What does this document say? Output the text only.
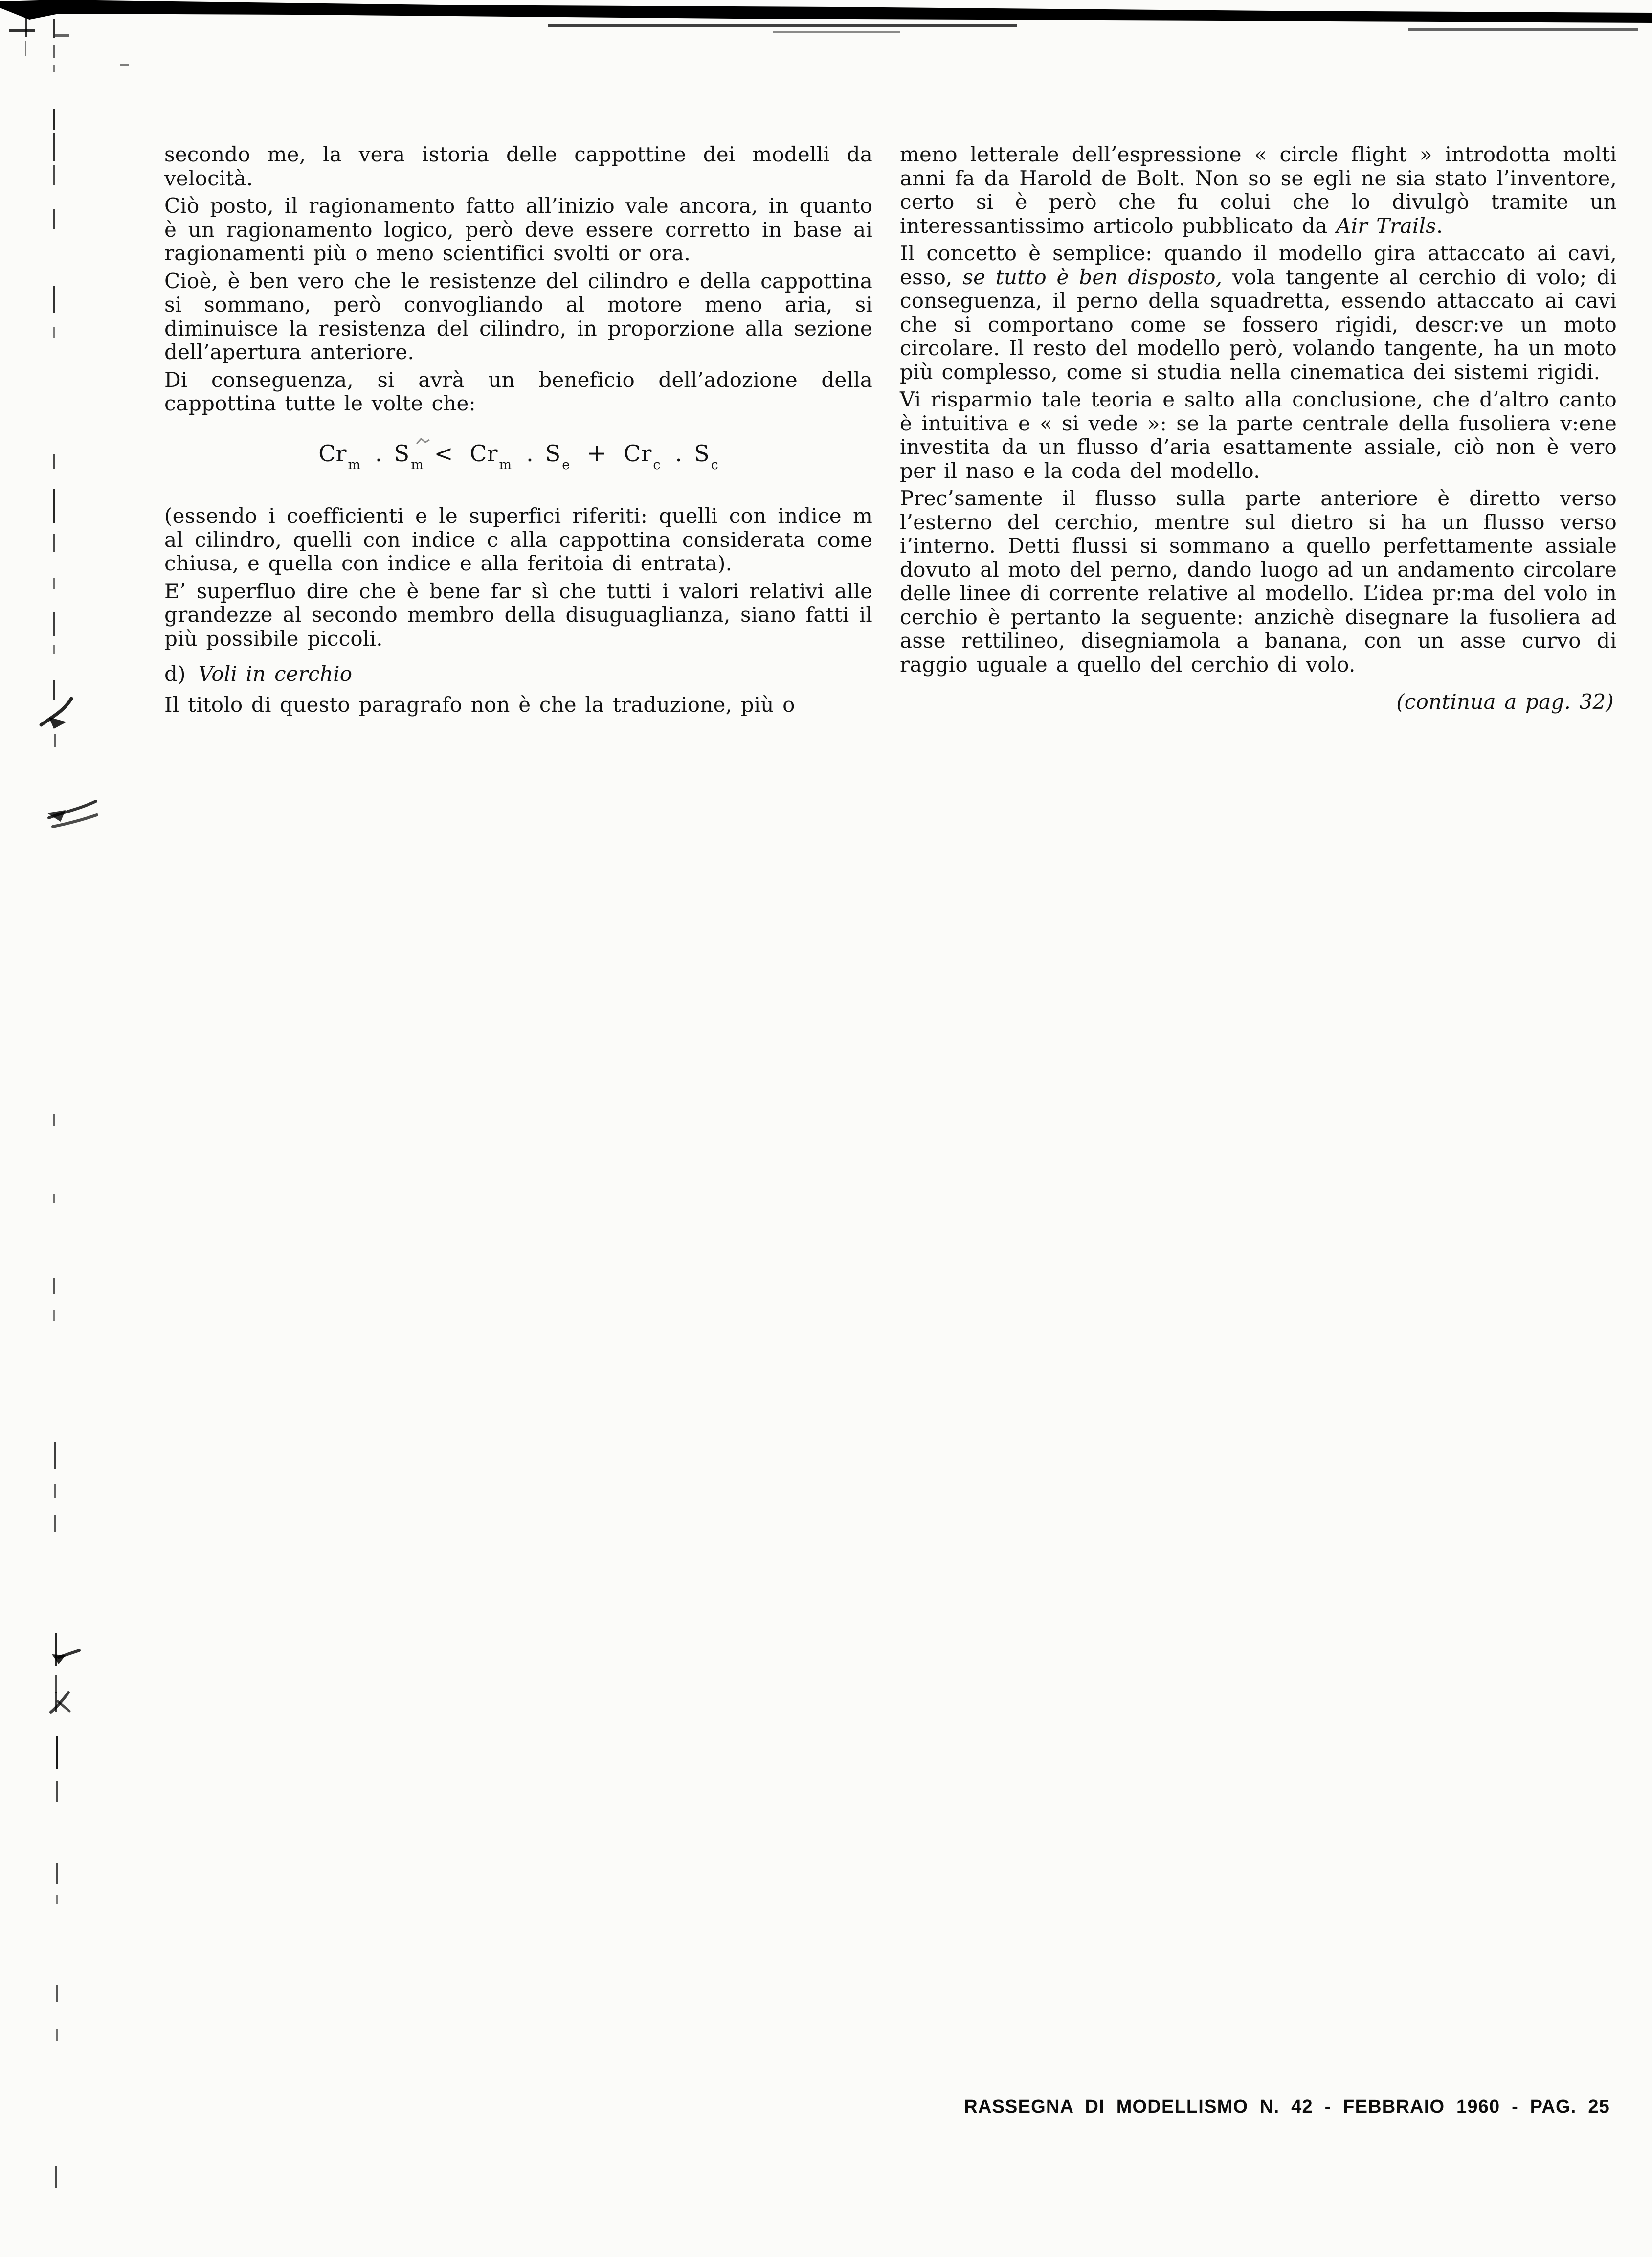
secondo me, la vera istoria delle cappottine dei modelli da velocità.

Ciò posto, il ragionamento fatto all’inizio vale ancora, in quanto è un ragionamento logico, però deve essere corretto in base ai ragionamenti più o meno scientifici svolti or ora.

Cioè, è ben vero che le resistenze del cilindro e della cappottina si sommano, però convogliando al motore meno aria, si diminuisce la resistenza del cilindro, in proporzione alla sezione dell’apertura anteriore.

Di conseguenza, si avrà un beneficio dell’adozione della cappottina tutte le volte che:

Cr $_m$ . S $_m$ < Cr $_m$ . S $_e$ + Cr $_c$ . S $_c$

(essendo i coefficienti e le superfici riferiti: quelli con indice m al cilindro, quelli con indice c alla cappottina considerata come chiusa, e quella con indice e alla feritoia di entrata).

E’ superfluo dire che è bene far sì che tutti i valori relativi alle grandezze al secondo membro della disuguaglianza, siano fatti il più possibile piccoli.

d) Voli in cerchio

Il titolo di questo paragrafo non è che la traduzione, più o

meno letterale dell’espressione « circle flight » introdotta molti anni fa da Harold de Bolt. Non so se egli ne sia stato l’inventore, certo si è però che fu colui che lo divulgò tramite un interessantissimo articolo pubblicato da Air Trails.

Il concetto è semplice: quando il modello gira attaccato ai cavi, esso, se tutto è ben disposto, vola tangente al cerchio di volo; di conseguenza, il perno della squadretta, essendo attaccato ai cavi che si comportano come se fossero rigidi, descr:ve un moto circolare. Il resto del modello però, volando tangente, ha un moto più complesso, come si studia nella cinematica dei sistemi rigidi.

Vi risparmio tale teoria e salto alla conclusione, che d’altro canto è intuitiva e « si vede »: se la parte centrale della fusoliera v:ene investita da un flusso d’aria esattamente assiale, ciò non è vero per il naso e la coda del modello.

Prec’samente il flusso sulla parte anteriore è diretto verso l’esterno del cerchio, mentre sul dietro si ha un flusso verso i’interno. Detti flussi si sommano a quello perfettamente assiale dovuto al moto del perno, dando luogo ad un andamento circolare delle linee di corrente relative al modello. L’idea pr:ma del volo in cerchio è pertanto la seguente: anzichè disegnare la fusoliera ad asse rettilineo, disegniamola a banana, con un asse curvo di raggio uguale a quello del cerchio di volo.

(continua a pag. 32)

RASSEGNA DI MODELLISMO N. 42 - FEBBRAIO 1960 - PAG. 25
